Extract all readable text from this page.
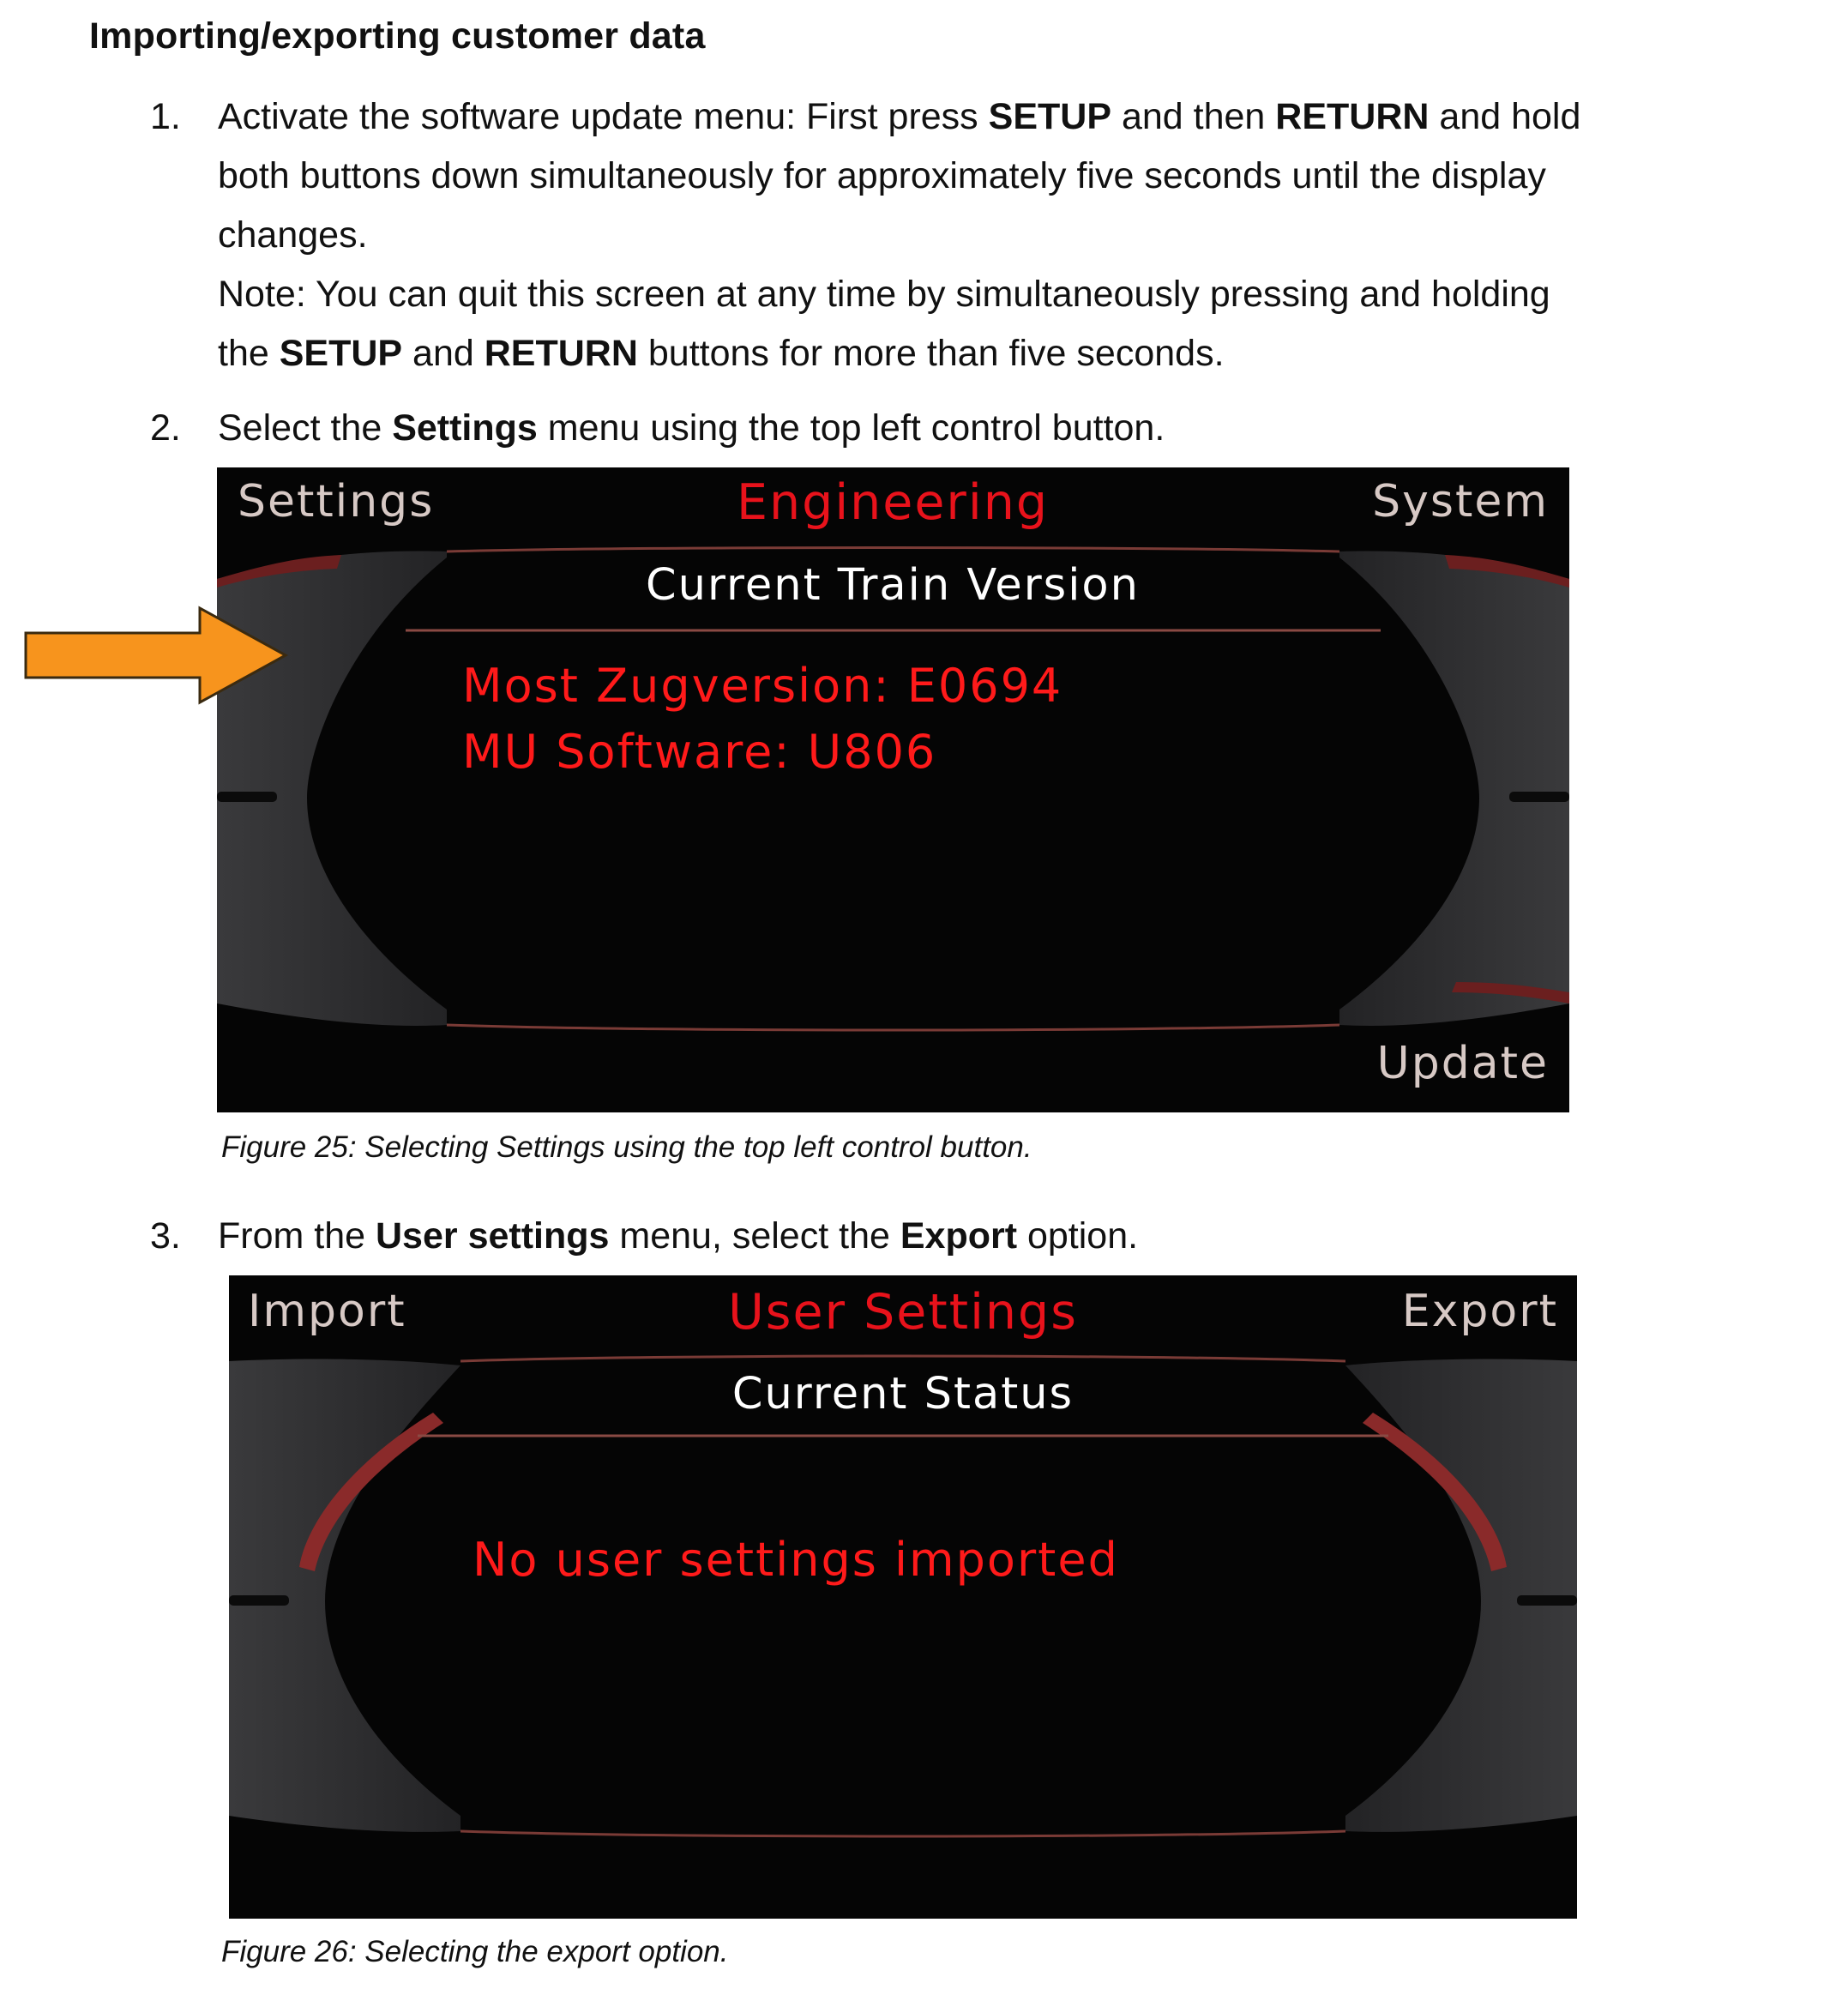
Importing/exporting customer data
1.	Activate the software update menu: First press SETUP and then RETURN and hold
both buttons down simultaneously for approximately five seconds until the display
changes.
Note: You can quit this screen at any time by simultaneously pressing and holding
the SETUP and RETURN buttons for more than five seconds.
2.	Select the Settings menu using the top left control button.
Settings	Engineering	System
Current Train Version
Most Zugversion: E0694
MU Software: U806
Update
Figure 25: Selecting Settings using the top left control button.
3.	From the User settings menu, select the Export option.
Import	User Settings	Export
Current Status
No user settings imported
Figure 26: Selecting the export option.
